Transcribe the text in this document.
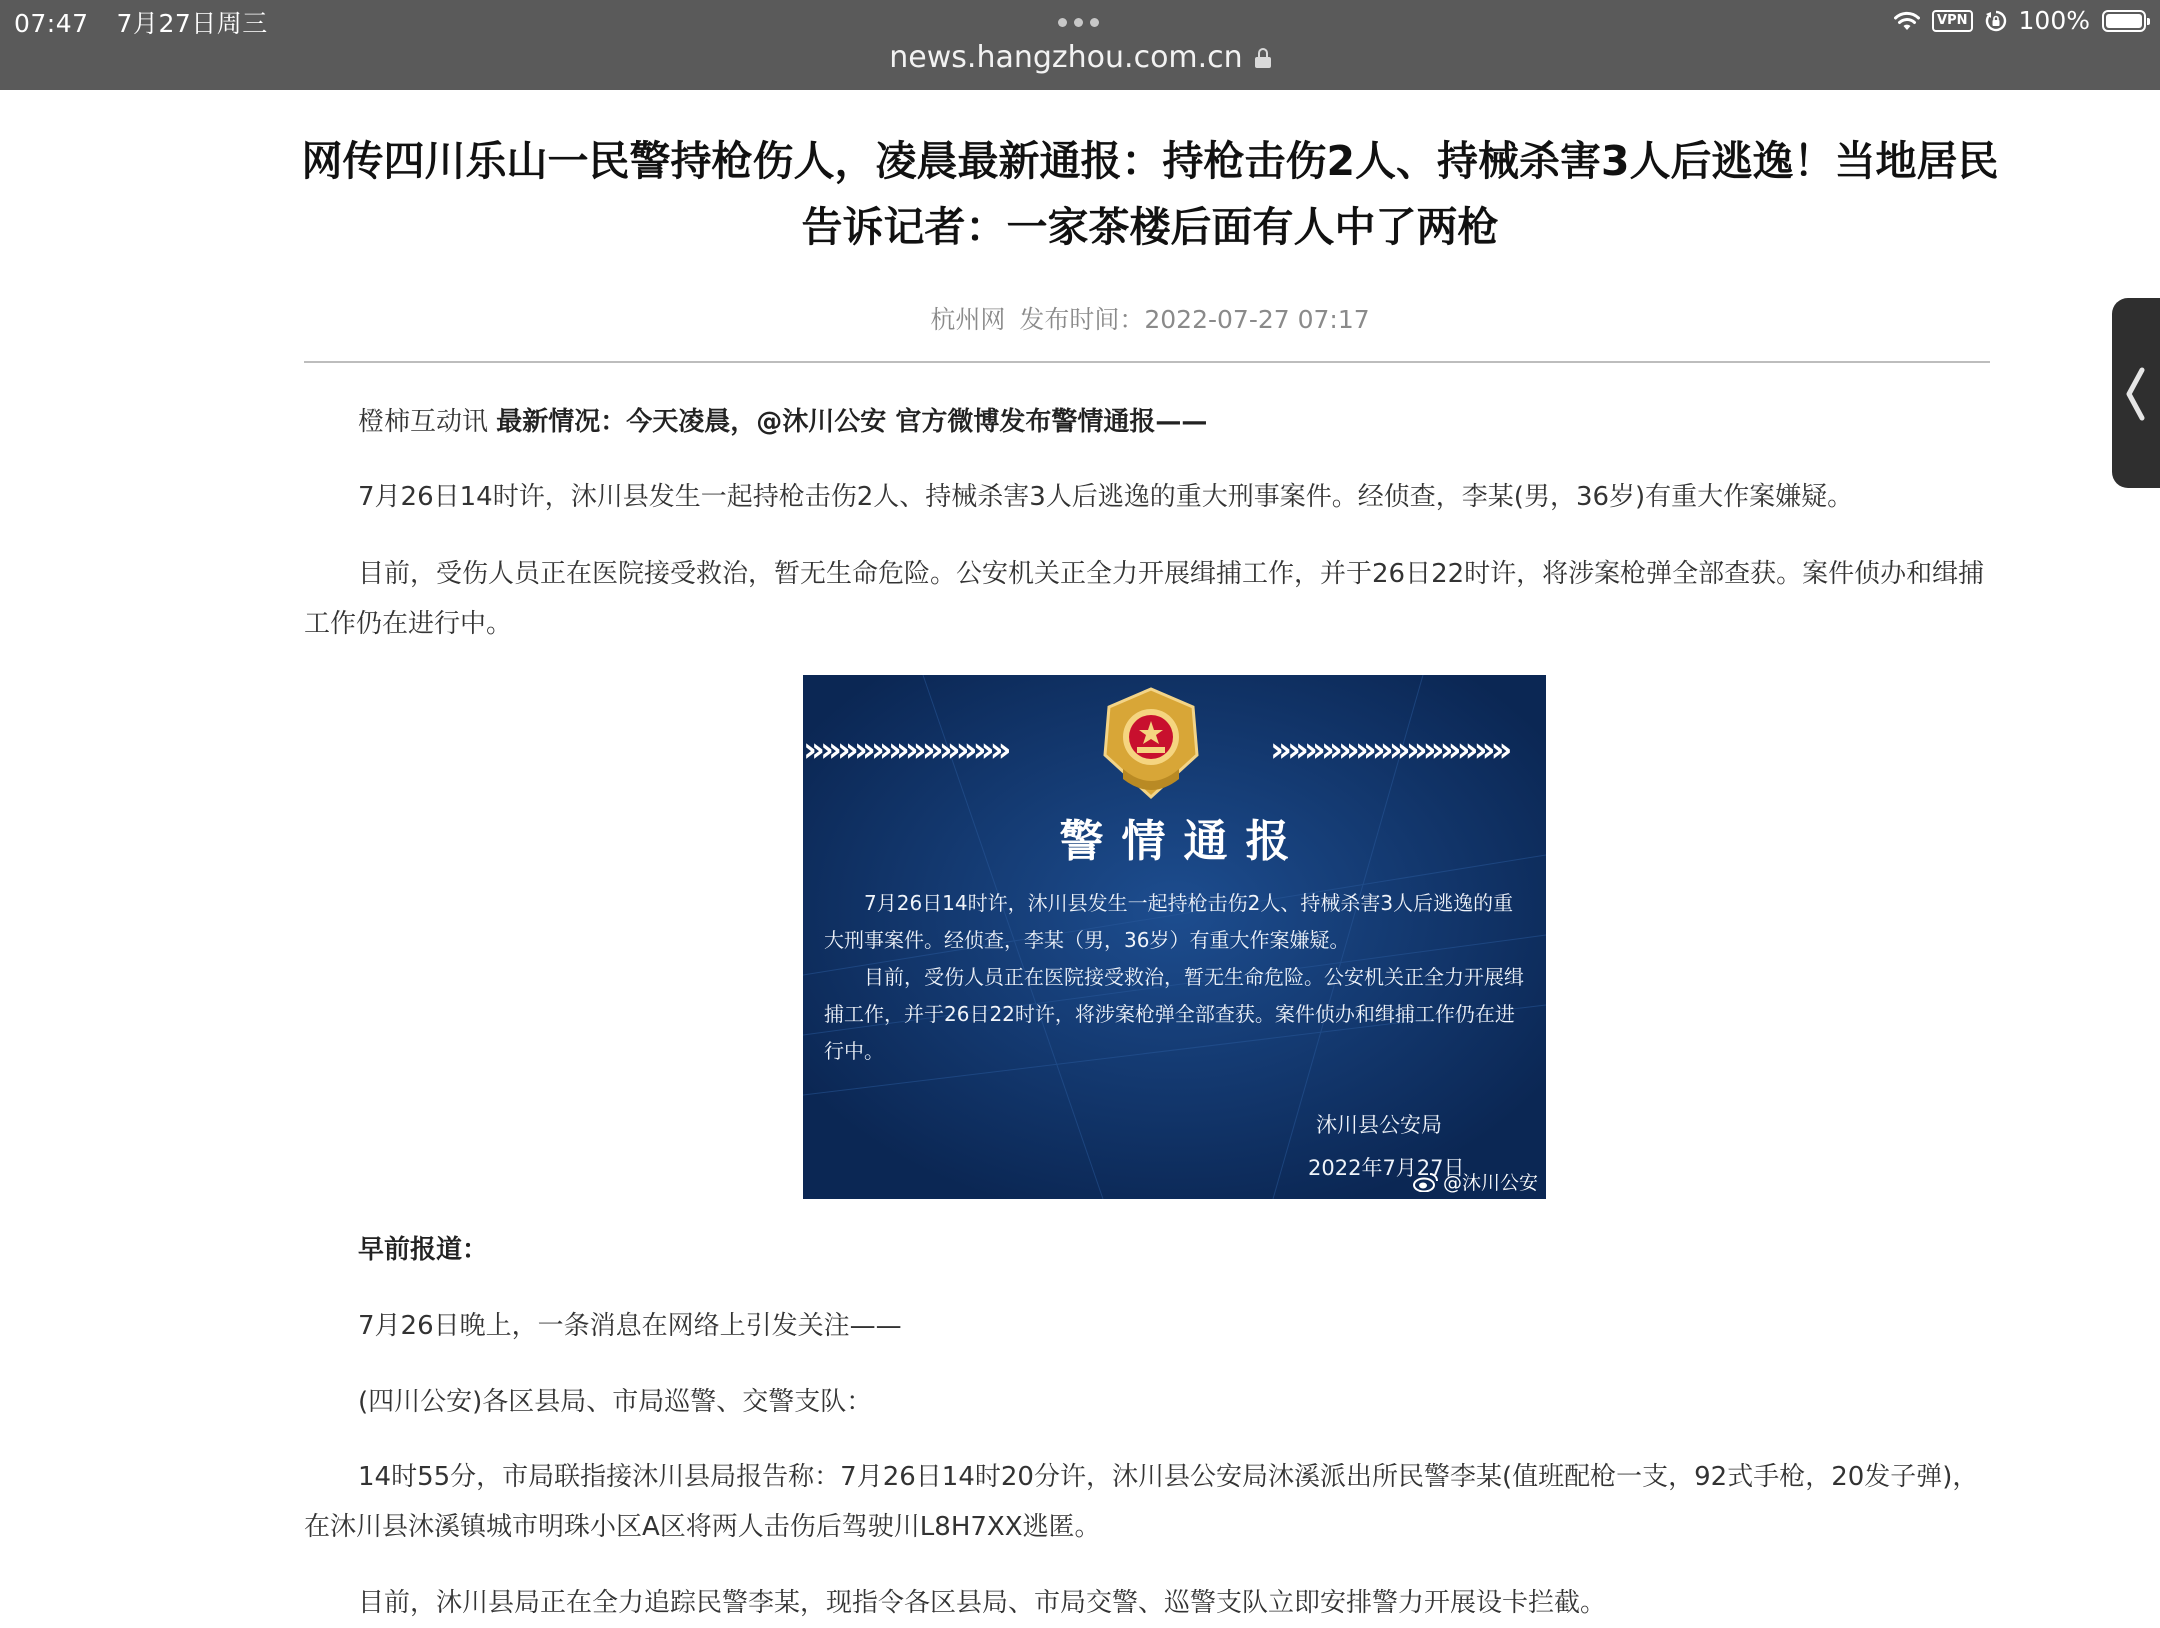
07:47 7月27日周三
news.hangzhou.com.cn
VPN 100%
网传四川乐山一民警持枪伤人，凌晨最新通报：持枪击伤2人、持械杀害3人后逃逸！当地居民告诉记者：一家茶楼后面有人中了两枪
杭州网 发布时间：2022-07-27 07:17

橙柿互动讯 最新情况：今天凌晨，@沐川公安 官方微博发布警情通报——

7月26日14时许，沐川县发生一起持枪击伤2人、持械杀害3人后逃逸的重大刑事案件。经侦查，李某(男，36岁)有重大作案嫌疑。

目前，受伤人员正在医院接受救治，暂无生命危险。公安机关正全力开展缉捕工作，并于26日22时许，将涉案枪弹全部查获。案件侦办和缉捕工作仍在进行中。

»»»»»»»»»»»»	»»»»»»»»»»»»»»
警情通报

7月26日14时许，沐川县发生一起持枪击伤2人、持械杀害3人后逃逸的重大刑事案件。经侦查，李某（男，36岁）有重大作案嫌疑。
目前，受伤人员正在医院接受救治，暂无生命危险。公安机关正全力开展缉捕工作，并于26日22时许，将涉案枪弹全部查获。案件侦办和缉捕工作仍在进行中。

沐川县公安局
2022年7月27日
@沐川公安

早前报道：

7月26日晚上，一条消息在网络上引发关注——

(四川公安)各区县局、市局巡警、交警支队：

14时55分，市局联指接沐川县局报告称：7月26日14时20分许，沐川县公安局沐溪派出所民警李某(值班配枪一支，92式手枪，20发子弹)，在沐川县沐溪镇城市明珠小区A区将两人击伤后驾驶川L8H7XX逃匿。

目前，沐川县局正在全力追踪民警李某，现指令各区县局、市局交警、巡警支队立即安排警力开展设卡拦截。
